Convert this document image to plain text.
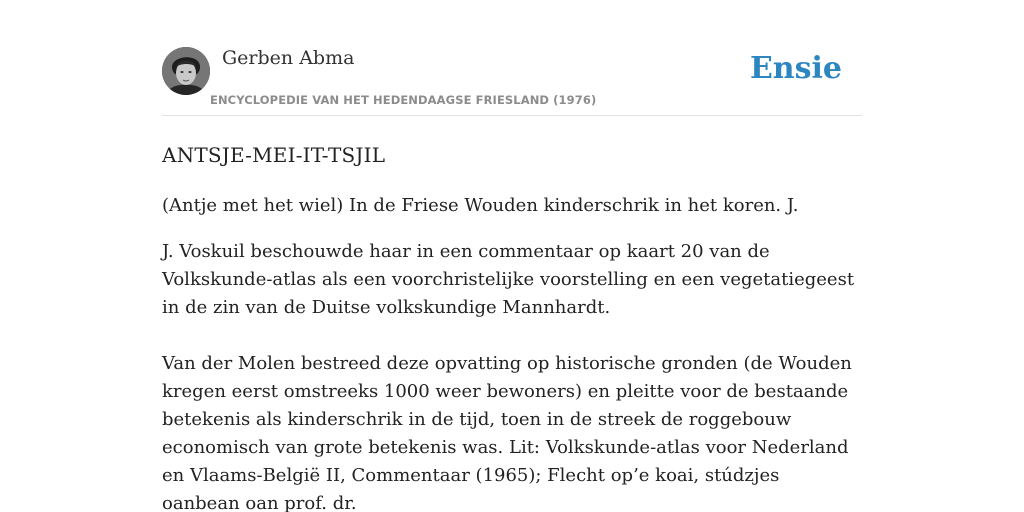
Gerben Abma
ENCYCLOPEDIE VAN HET HEDENDAAGSE FRIESLAND (1976)
Ensie
ANTSJE-MEI-IT-TSJIL

(Antje met het wiel) In de Friese Wouden kinderschrik in het koren. J.

J. Voskuil beschouwde haar in een commentaar op kaart 20 van de Volkskunde-atlas als een voorchristelijke voorstelling en een vegetatiegeest in de zin van de Duitse volkskundige Mannhardt.

Van der Molen bestreed deze opvatting op historische gronden (de Wouden kregen eerst omstreeks 1000 weer bewoners) en pleitte voor de bestaande betekenis als kinderschrik in de tijd, toen in de streek de roggebouw economisch van grote betekenis was. Lit: Volkskunde-atlas voor Nederland en Vlaams-België II, Commentaar (1965); Flecht op’e koai, stúdzjes oanbean oan prof. dr.
